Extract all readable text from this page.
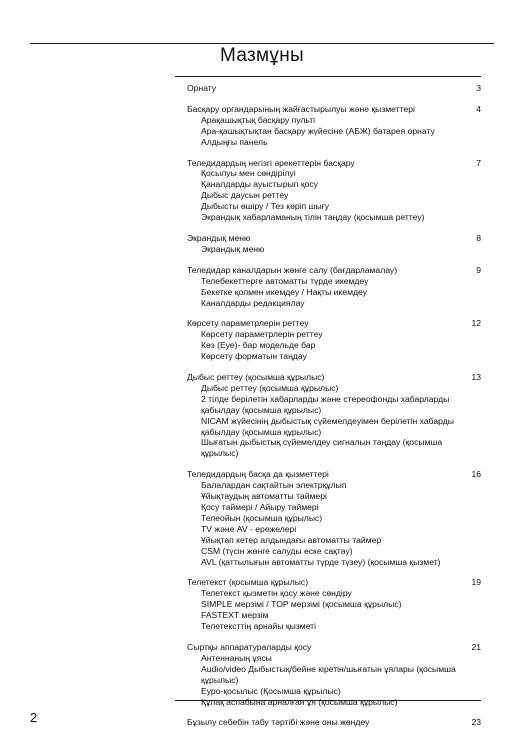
Мазмұны
Орнату	3
Басқару органдарының жайғастырылуы және қызметтері	4
Арақашықтық басқару пульті
Ара-қашықтықтан басқару жүйесіне (АБЖ) батарея орнату
Алдыңғы панель
Теледидардың негізгі әрекеттерін басқару	7
Қосылуы мен сөндірілуі
Қаналдарды ауыстырып қосу
Дыбыс даусын реттеу
Дыбысты өшіру / Тез көріп шығу
Экрандық хабарламаның тілін таңдау (қосымша реттеу)
Экрандық меню	8
Экрандық меню
Теледидар каналдарын жөнге салу (бағдарламалау)	9
Телебекеттерге автоматты түрде икемдеу
Бекетке қолмен икемдеу / Нақты икемдеу
Каналдарды редакциялау
Көрсету параметрлерін реттеу	12
Көрсету параметрлерін реттеу
Көз (Еуе)- бар модельде бар
Көрсету форматын таңдау
Дыбыс реттеу (қосымша құрылыс)	13
Дыбыс реттеу (қосымша құрылыс)
2 тілде берілетін хабарларды және стереофонды хабарларды қабылдау (қосымша құрылыс)
NICAM жүйесінің дыбыстық сүйемелдеуімен берілетін хабарды қабылдау (қосымша құрылыс)
Шығатын дыбыстық сүйемелдеу сигналын таңдау (қосымша құрылыс)
Теледидардың басқа да қызметтері	16
Балалардан сақтайтын электрқұлып
Ұйықтаудың автоматты таймері
Қосу таймері / Айыру таймері
Телеойын (қосымша құрылыс)
TV және AV - ережелері
Ұйықтап кетер алдындағы автоматты таймер
CSM (түсін жөнге салуды еске сақтау)
AVL (қаттылығын автоматты түрде түзеу) (қосымша қызмет)
Телетекст (қосымша құрылыс)	19
Телетекст қызметін қосу және сөндіру
SIMPLE мерзімі / TOP мерзімі (қосымша құрылыс)
FASTEXT мерзім
Телетексттің арнайы қызметі
Сыртқы аппаратураларды қосу	21
Антеннаның ұясы
Audio/video Дыбыстық/бейне кіретін/шығатын ұялары (қосымша құрылыс)
Еуро-қосылыс (Қосымша құрылыс)
Құлақ аспабына арналған ұя (қосымша құрылыс)
Бұзылу себебін табу тәртібі және оны жөндеу	23
2
